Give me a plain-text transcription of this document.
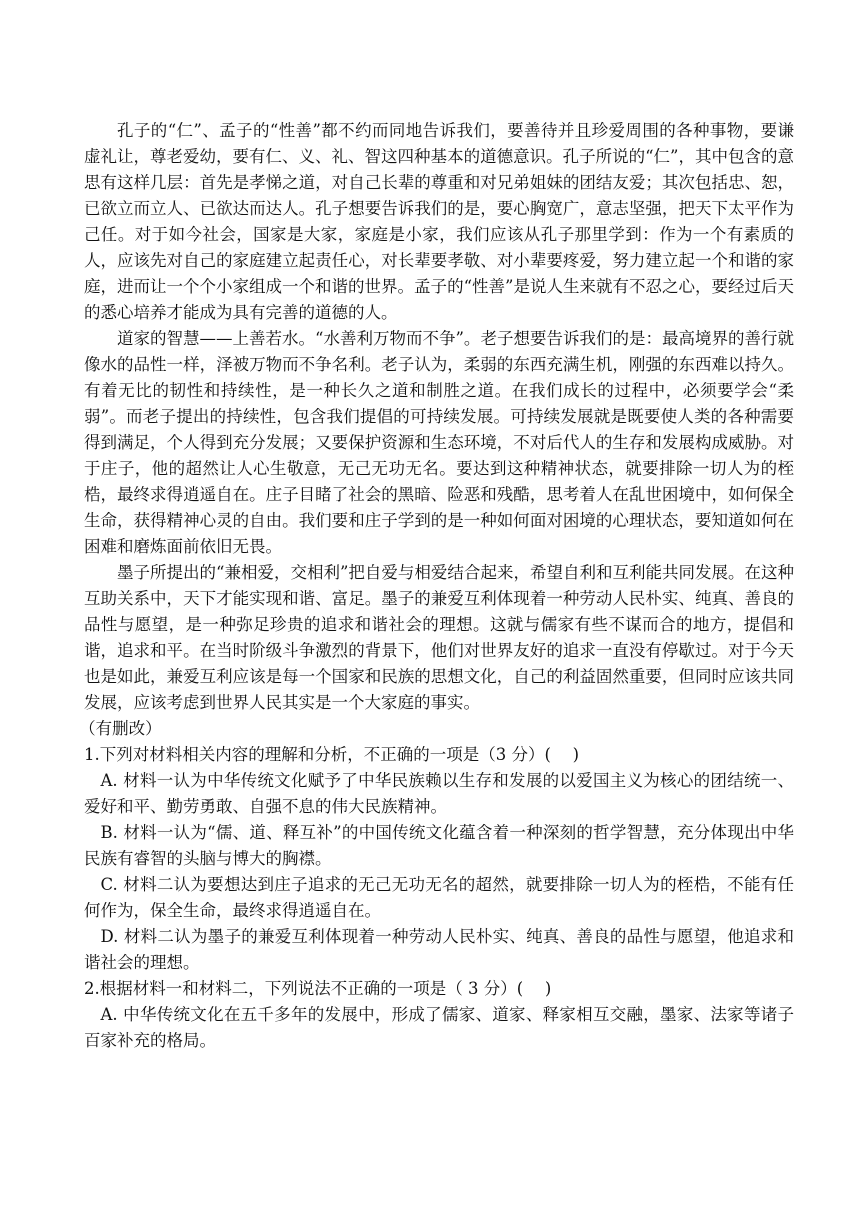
孔子的“仁”、孟子的“性善”都不约而同地告诉我们，要善待并且珍爱周围的各种事物，要谦虚礼让，尊老爱幼，要有仁、义、礼、智这四种基本的道德意识。孔子所说的“仁”，其中包含的意思有这样几层：首先是孝悌之道，对自己长辈的尊重和对兄弟姐妹的团结友爱；其次包括忠、恕，已欲立而立人、已欲达而达人。孔子想要告诉我们的是，要心胸宽广，意志坚强，把天下太平作为己任。对于如今社会，国家是大家，家庭是小家，我们应该从孔子那里学到：作为一个有素质的人，应该先对自己的家庭建立起责任心，对长辈要孝敬、对小辈要疼爱，努力建立起一个和谐的家庭，进而让一个个小家组成一个和谐的世界。孟子的“性善”是说人生来就有不忍之心，要经过后天的悉心培养才能成为具有完善的道德的人。

道家的智慧——上善若水。“水善利万物而不争”。老子想要告诉我们的是：最高境界的善行就像水的品性一样，泽被万物而不争名利。老子认为，柔弱的东西充满生机，刚强的东西难以持久。有着无比的韧性和持续性，是一种长久之道和制胜之道。在我们成长的过程中，必须要学会“柔弱”。而老子提出的持续性，包含我们提倡的可持续发展。可持续发展就是既要使人类的各种需要得到满足，个人得到充分发展；又要保护资源和生态环境，不对后代人的生存和发展构成威胁。对于庄子，他的超然让人心生敬意，无己无功无名。要达到这种精神状态，就要排除一切人为的桎梏，最终求得逍遥自在。庄子目睹了社会的黑暗、险恶和残酷，思考着人在乱世困境中，如何保全生命，获得精神心灵的自由。我们要和庄子学到的是一种如何面对困境的心理状态，要知道如何在困难和磨炼面前依旧无畏。

墨子所提出的“兼相爱，交相利”把自爱与相爱结合起来，希望自利和互利能共同发展。在这种互助关系中，天下才能实现和谐、富足。墨子的兼爱互利体现着一种劳动人民朴实、纯真、善良的品性与愿望，是一种弥足珍贵的追求和谐社会的理想。这就与儒家有些不谋而合的地方，提倡和谐，追求和平。在当时阶级斗争激烈的背景下，他们对世界友好的追求一直没有停歇过。对于今天也是如此，兼爱互利应该是每一个国家和民族的思想文化，自己的利益固然重要，但同时应该共同发展，应该考虑到世界人民其实是一个大家庭的事实。

（有删改）

1.下列对材料相关内容的理解和分析，不正确的一项是（3 分）(　 )

A. 材料一认为中华传统文化赋予了中华民族赖以生存和发展的以爱国主义为核心的团结统一、爱好和平、勤劳勇敢、自强不息的伟大民族精神。

B. 材料一认为“儒、道、释互补”的中国传统文化蕴含着一种深刻的哲学智慧，充分体现出中华民族有睿智的头脑与博大的胸襟。

C. 材料二认为要想达到庄子追求的无己无功无名的超然，就要排除一切人为的桎梏，不能有任何作为，保全生命，最终求得逍遥自在。

D. 材料二认为墨子的兼爱互利体现着一种劳动人民朴实、纯真、善良的品性与愿望，他追求和谐社会的理想。

2.根据材料一和材料二，下列说法不正确的一项是（ 3 分）(　 )

A. 中华传统文化在五千多年的发展中，形成了儒家、道家、释家相互交融，墨家、法家等诸子百家补充的格局。
